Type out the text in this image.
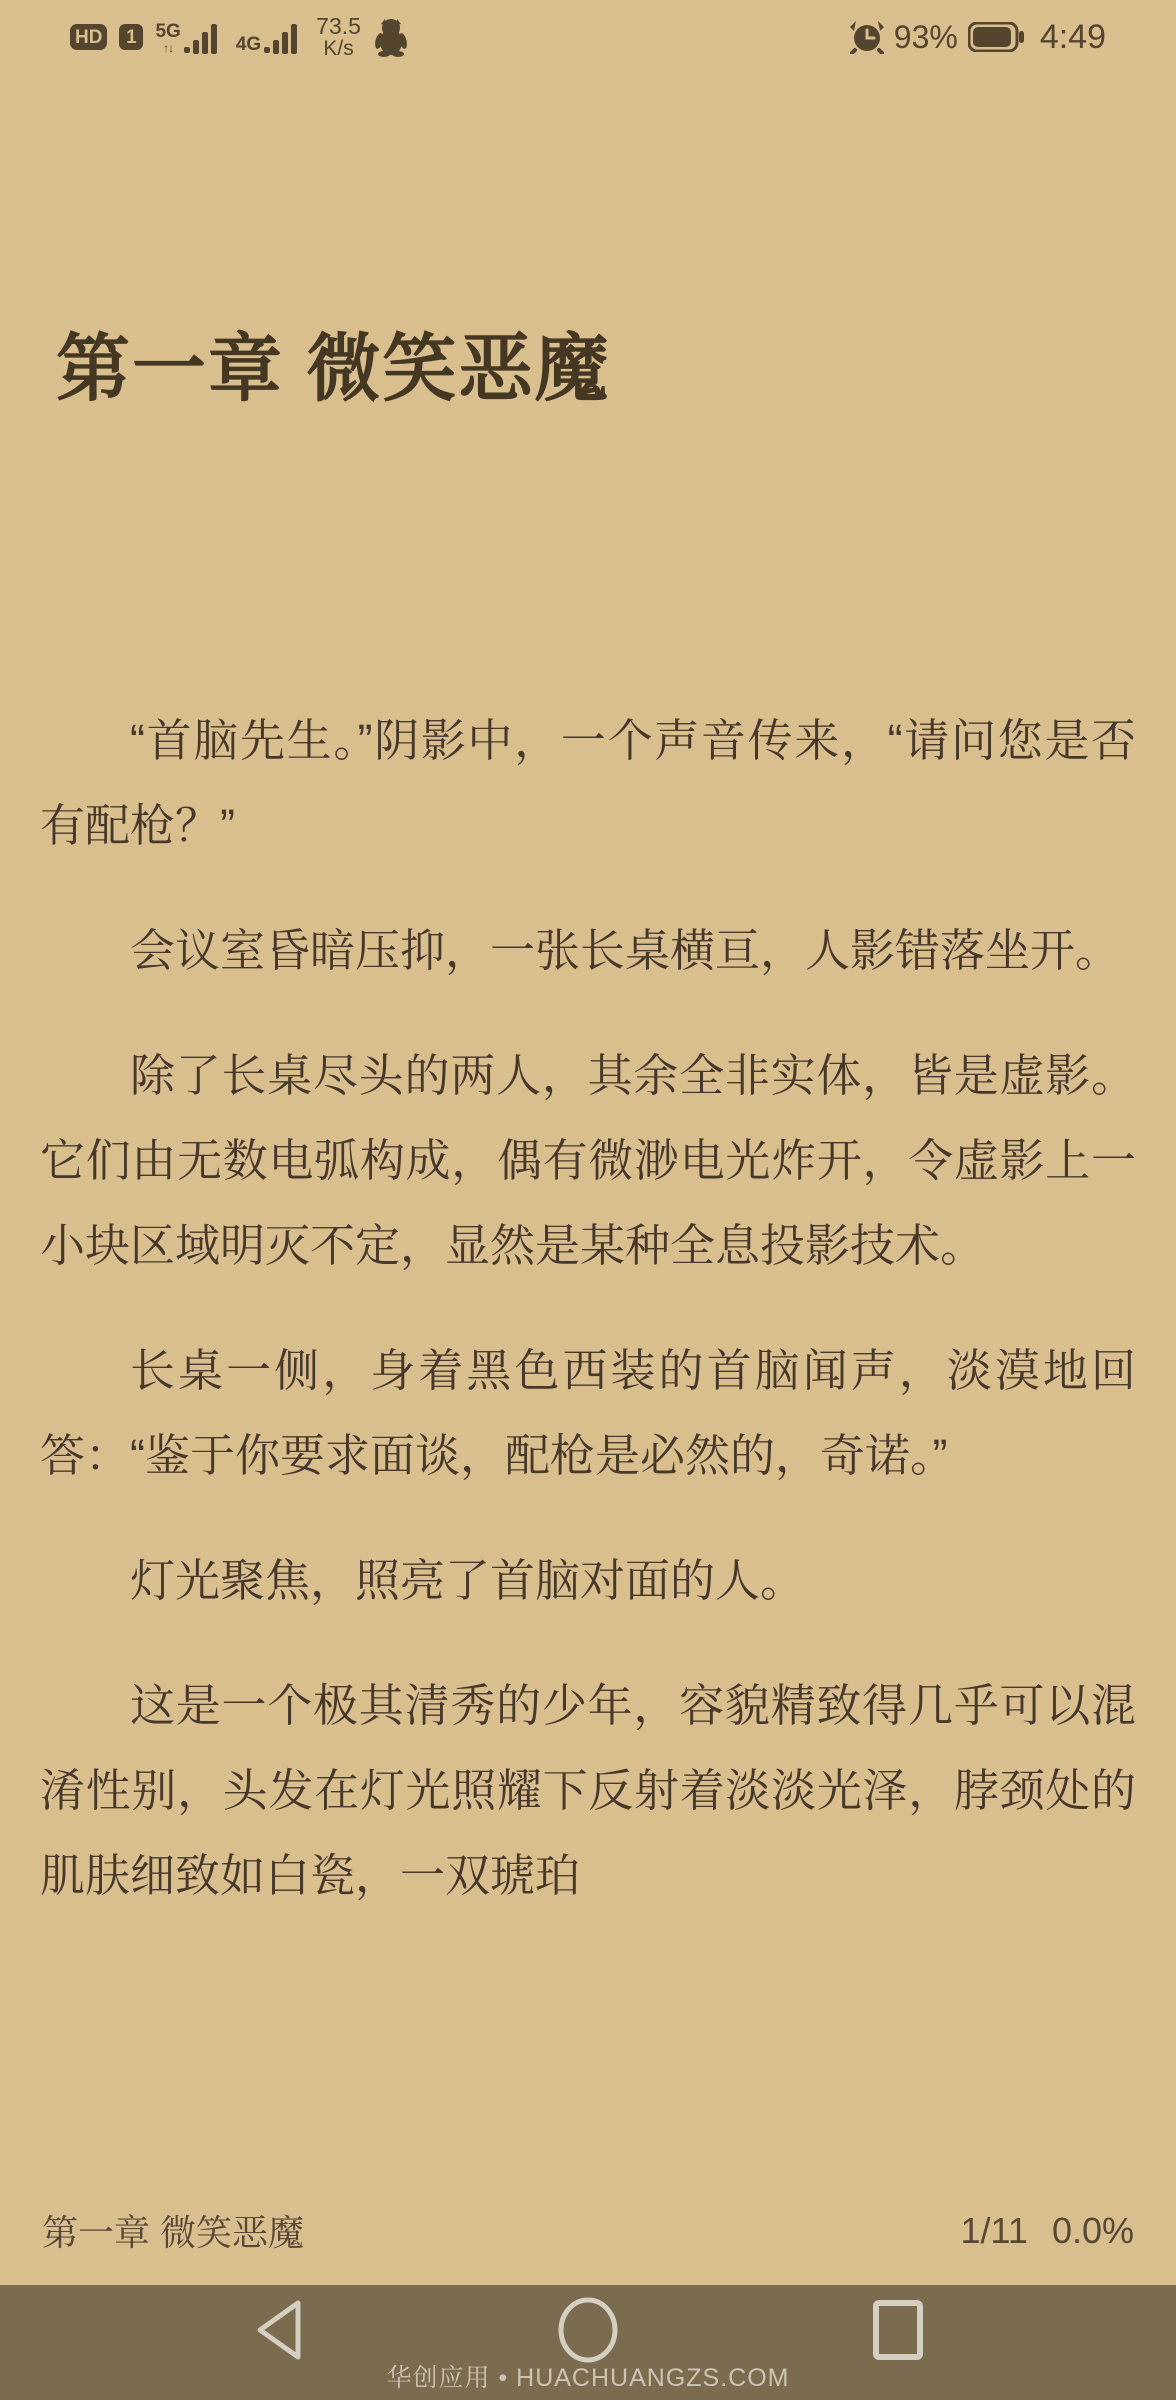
HD	1 5G
↑↓	4G
73.5
K/s	93% 4:49
第一章 微笑恶魔

“首脑先生。”阴影中，一个声音传来，“请问您是否有配枪？”

会议室昏暗压抑，一张长桌横亘，人影错落坐开。

除了长桌尽头的两人，其余全非实体，皆是虚影。它们由无数电弧构成，偶有微渺电光炸开，令虚影上一小块区域明灭不定，显然是某种全息投影技术。

长桌一侧，身着黑色西装的首脑闻声，淡漠地回答：“鉴于你要求面谈，配枪是必然的，奇诺。”

灯光聚焦，照亮了首脑对面的人。

这是一个极其清秀的少年，容貌精致得几乎可以混淆性别，头发在灯光照耀下反射着淡淡光泽，脖颈处的肌肤细致如白瓷，一双琥珀

第一章 微笑恶魔	1/11 0.0%
华创应用 • HUACHUANGZS.COM
